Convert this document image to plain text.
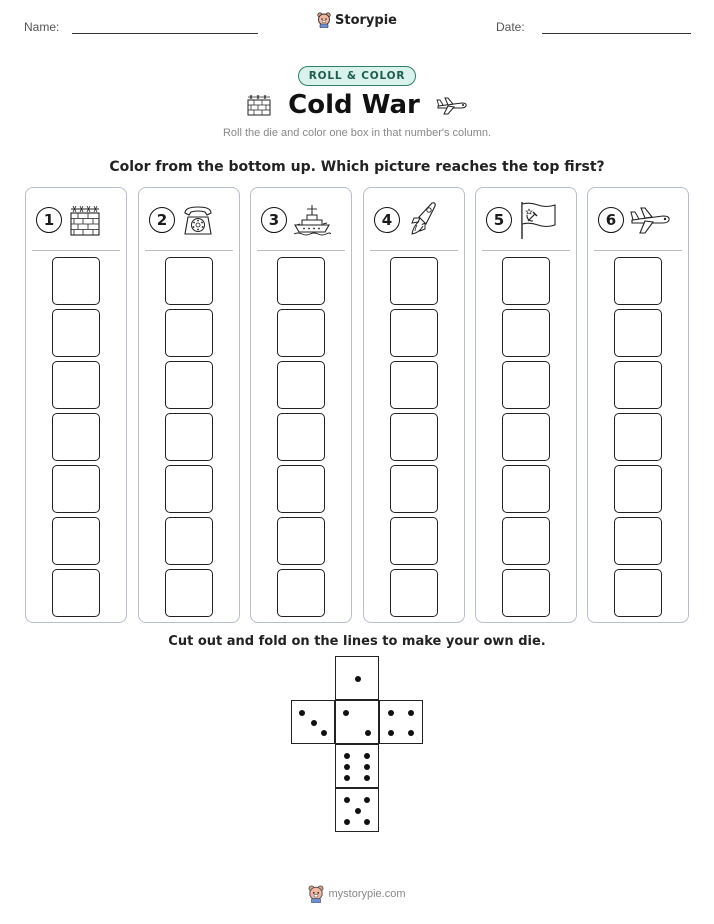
Name:	Storypie	Date:
ROLL & COLOR
Cold War
Roll the die and color one box in that number's column.
Color from the bottom up. Which picture reaches the top first?
1	2	3	4	5	6
Cut out and fold on the lines to make your own die.
mystorypie.com
